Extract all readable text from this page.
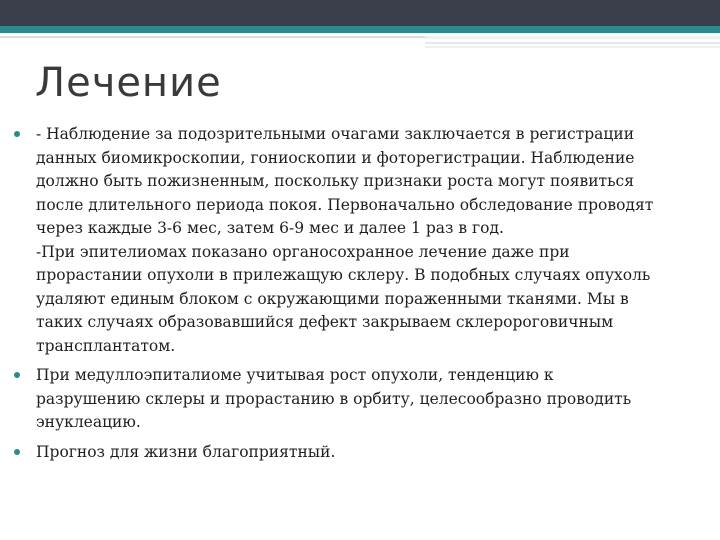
Лечение
- Наблюдение за подозрительными очагами заключается в регистрации
данных биомикроскопии, гониоскопии и фоторегистрации. Наблюдение
должно быть пожизненным, поскольку признаки роста могут появиться
после длительного периода покоя. Первоначально обследование проводят
через каждые 3-6 мес, затем 6-9 мес и далее 1 раз в год.
-При эпителиомах показано органосохранное лечение даже при
прорастании опухоли в прилежащую склеру. В подобных случаях опухоль
удаляют единым блоком с окружающими пораженными тканями. Мы в
таких случаях образовавшийся дефект закрываем склеророговичным
трансплантатом.
При медуллоэпиталиоме учитывая рост опухоли, тенденцию к
разрушению склеры и прорастанию в орбиту, целесообразно проводить
энуклеацию.
Прогноз для жизни благоприятный.
